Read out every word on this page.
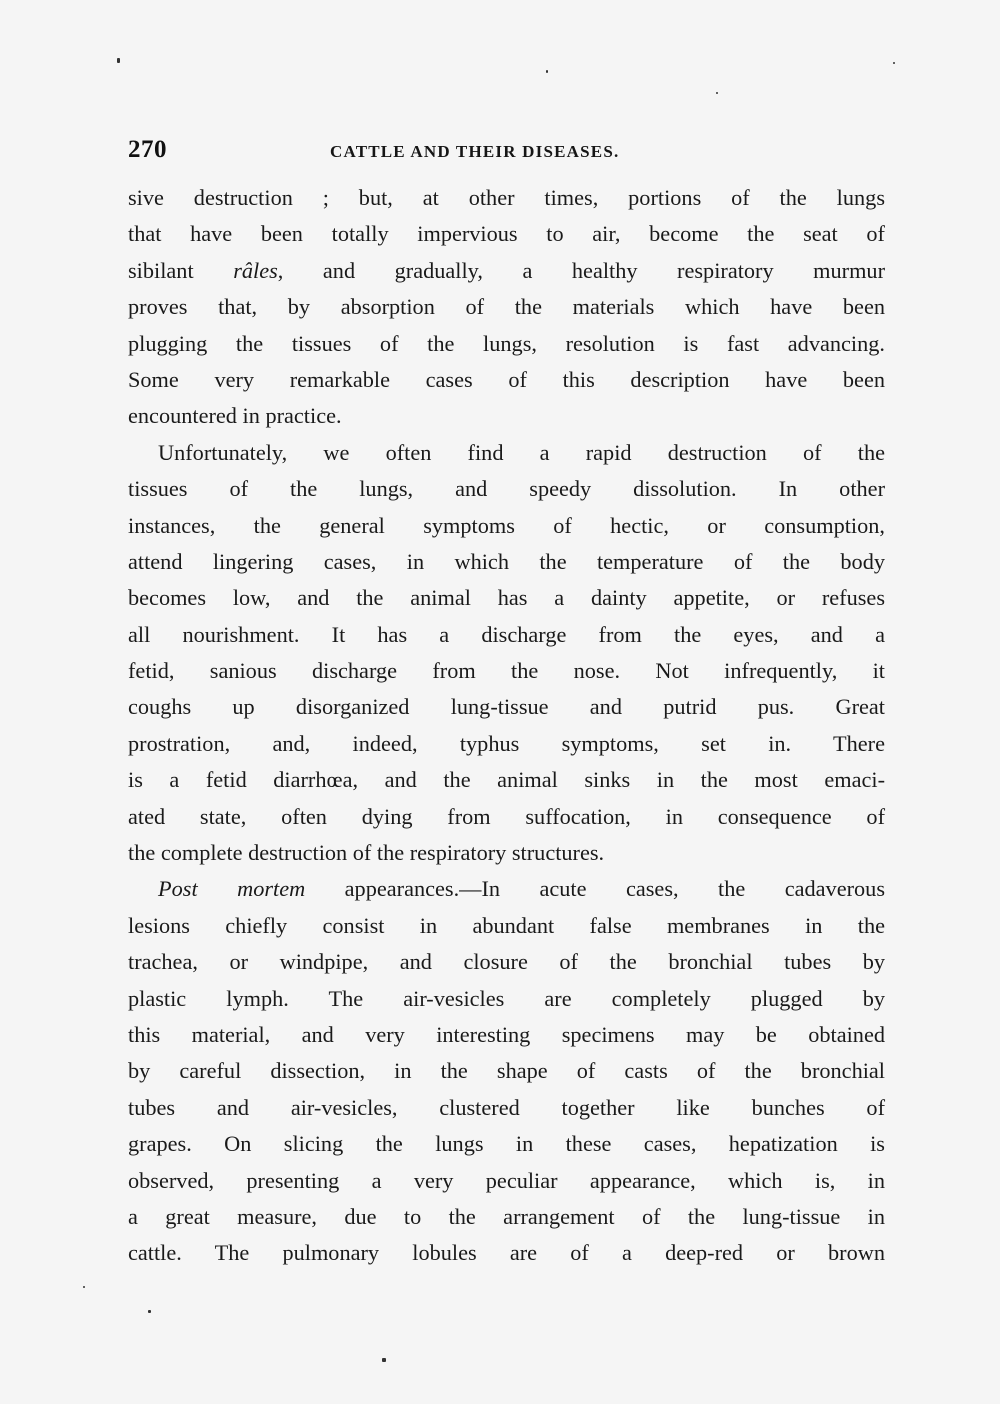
270	CATTLE AND THEIR DISEASES.
sive destruction ; but, at other times, portions of the lungs
that have been totally impervious to air, become the seat of
sibilant râles, and gradually, a healthy respiratory murmur
proves that, by absorption of the materials which have been
plugging the tissues of the lungs, resolution is fast advancing.
Some very remarkable cases of this description have been
encountered in practice.
Unfortunately, we often find a rapid destruction of the
tissues of the lungs, and speedy dissolution. In other
instances, the general symptoms of hectic, or consumption,
attend lingering cases, in which the temperature of the body
becomes low, and the animal has a dainty appetite, or refuses
all nourishment. It has a discharge from the eyes, and a
fetid, sanious discharge from the nose. Not infrequently, it
coughs up disorganized lung-tissue and putrid pus. Great
prostration, and, indeed, typhus symptoms, set in. There
is a fetid diarrhœa, and the animal sinks in the most emaci-
ated state, often dying from suffocation, in consequence of
the complete destruction of the respiratory structures.
Post mortem appearances.—In acute cases, the cadaverous
lesions chiefly consist in abundant false membranes in the
trachea, or windpipe, and closure of the bronchial tubes by
plastic lymph. The air-vesicles are completely plugged by
this material, and very interesting specimens may be obtained
by careful dissection, in the shape of casts of the bronchial
tubes and air-vesicles, clustered together like bunches of
grapes. On slicing the lungs in these cases, hepatization is
observed, presenting a very peculiar appearance, which is, in
a great measure, due to the arrangement of the lung-tissue in
cattle. The pulmonary lobules are of a deep-red or brown
